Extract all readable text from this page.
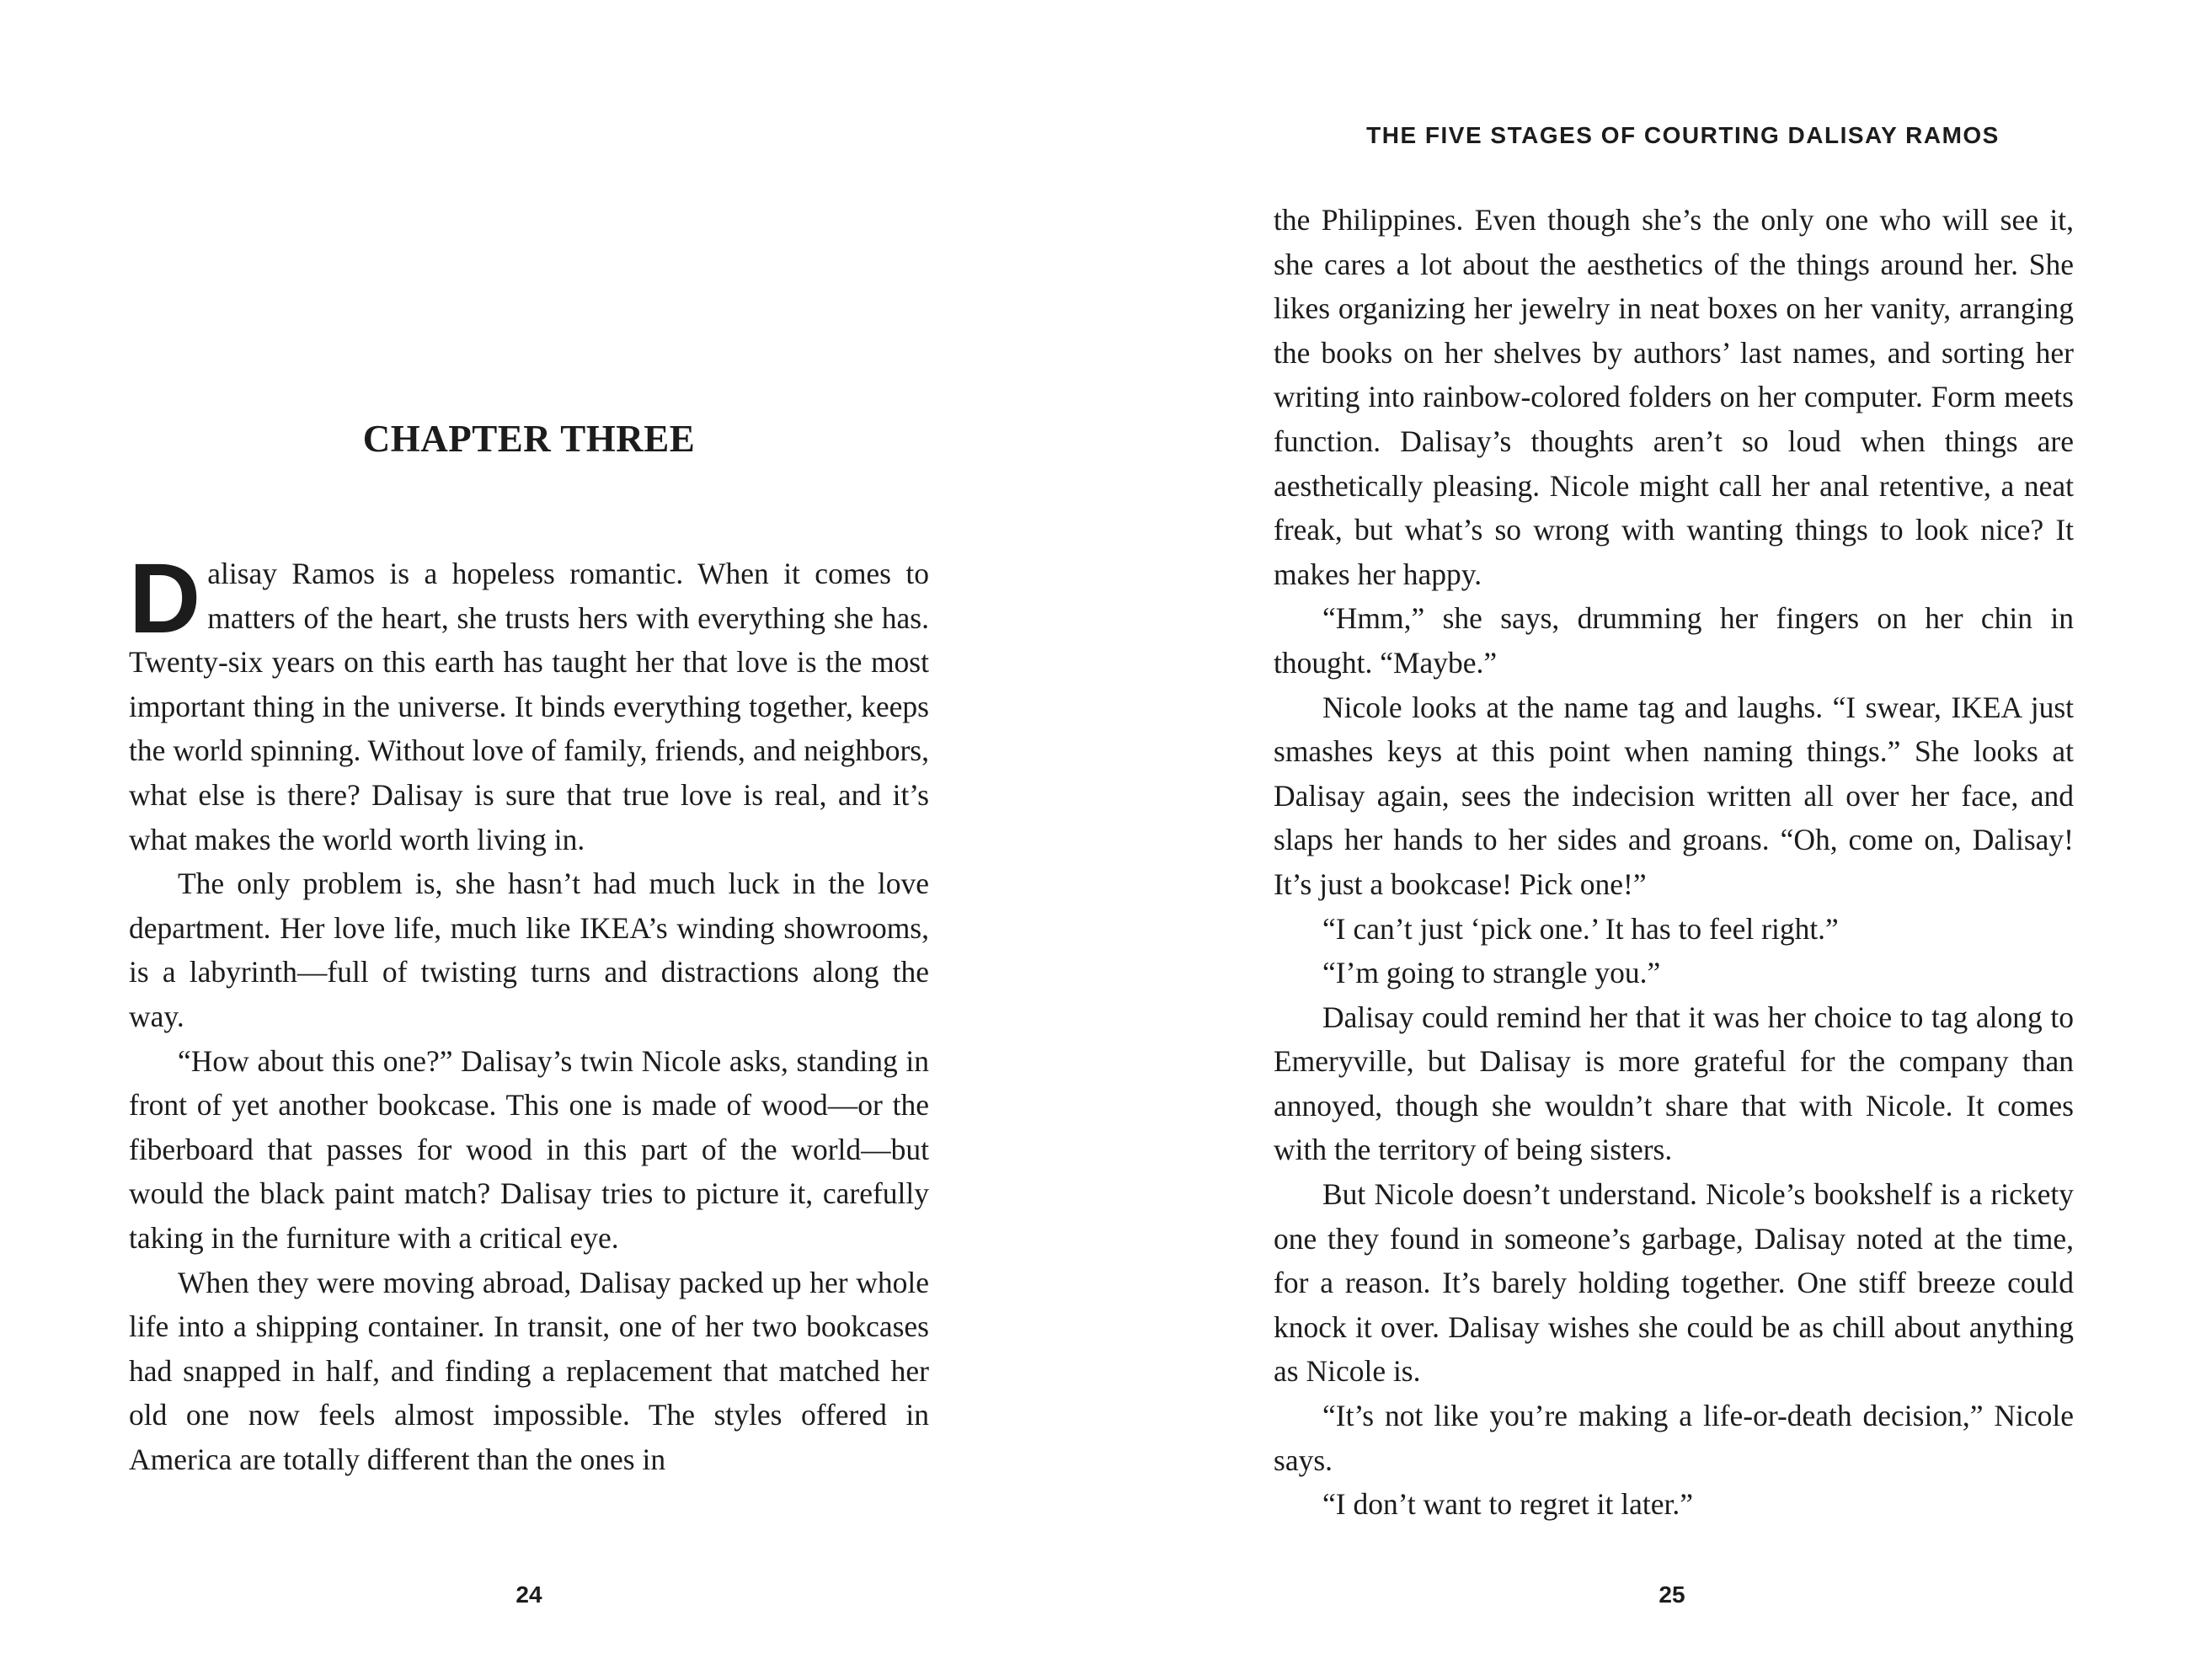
CHAPTER THREE

Dalisay Ramos is a hopeless romantic. When it comes to matters of the heart, she trusts hers with everything she has. Twenty-six years on this earth has taught her that love is the most important thing in the universe. It binds everything together, keeps the world spinning. Without love of family, friends, and neighbors, what else is there? Dalisay is sure that true love is real, and it’s what makes the world worth living in.

The only problem is, she hasn’t had much luck in the love department. Her love life, much like IKEA’s winding showrooms, is a labyrinth—full of twisting turns and distractions along the way.

“How about this one?” Dalisay’s twin Nicole asks, standing in front of yet another bookcase. This one is made of wood—or the fiberboard that passes for wood in this part of the world—but would the black paint match? Dalisay tries to picture it, carefully taking in the furniture with a critical eye.

When they were moving abroad, Dalisay packed up her whole life into a shipping container. In transit, one of her two bookcases had snapped in half, and finding a replacement that matched her old one now feels almost impossible. The styles offered in America are totally different than the ones in

24
THE FIVE STAGES OF COURTING DALISAY RAMOS

the Philippines. Even though she’s the only one who will see it, she cares a lot about the aesthetics of the things around her. She likes organizing her jewelry in neat boxes on her vanity, arranging the books on her shelves by authors’ last names, and sorting her writing into rainbow-colored folders on her computer. Form meets function. Dalisay’s thoughts aren’t so loud when things are aesthetically pleasing. Nicole might call her anal retentive, a neat freak, but what’s so wrong with wanting things to look nice? It makes her happy.

“Hmm,” she says, drumming her fingers on her chin in thought. “Maybe.”

Nicole looks at the name tag and laughs. “I swear, IKEA just smashes keys at this point when naming things.” She looks at Dalisay again, sees the indecision written all over her face, and slaps her hands to her sides and groans. “Oh, come on, Dalisay! It’s just a bookcase! Pick one!”

“I can’t just ‘pick one.’ It has to feel right.”

“I’m going to strangle you.”

Dalisay could remind her that it was her choice to tag along to Emeryville, but Dalisay is more grateful for the company than annoyed, though she wouldn’t share that with Nicole. It comes with the territory of being sisters.

But Nicole doesn’t understand. Nicole’s bookshelf is a rickety one they found in someone’s garbage, Dalisay noted at the time, for a reason. It’s barely holding together. One stiff breeze could knock it over. Dalisay wishes she could be as chill about anything as Nicole is.

“It’s not like you’re making a life-or-death decision,” Nicole says.

“I don’t want to regret it later.”

25
